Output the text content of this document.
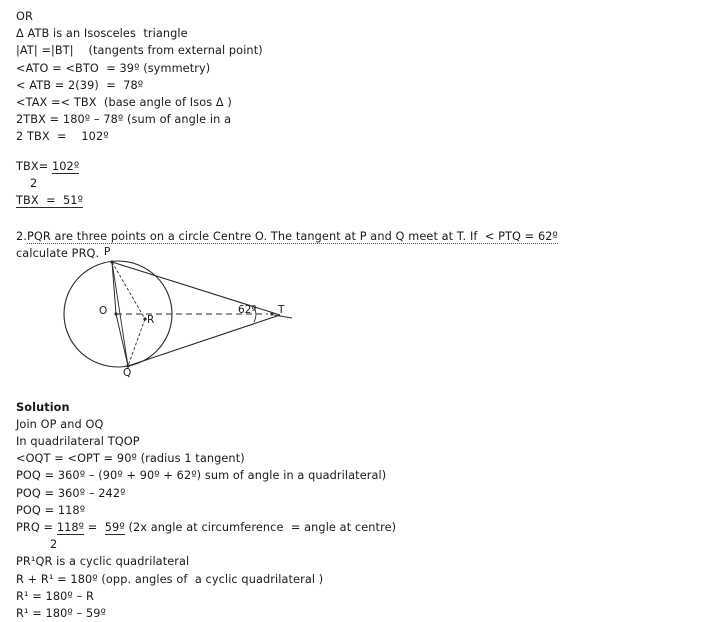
OR
Δ ATB is an Isosceles  triangle
|AT| =|BT|    (tangents from external point)
<ATO = <BTO  = 39º (symmetry)
< ATB = 2(39)  =  78º
<TAX =< TBX  (base angle of Isos Δ )
2TBX = 180º – 78º (sum of angle in a
2 TBX  =    102º
TBX= 102º
2
TBX  =  51º
2.PQR are three points on a circle Centre O. The tangent at P and Q meet at T. If  < PTQ = 62º
calculate PRQ.
Solution
Join OP and OQ
In quadrilateral TQOP
<OQT = <OPT = 90º (radius 1 tangent)
POQ = 360º – (90º + 90º + 62º) sum of angle in a quadrilateral)
POQ = 360º – 242º
POQ = 118º
PRQ = 118º =  59º (2x angle at circumference  = angle at centre)
2
PR¹QR is a cyclic quadrilateral
R + R¹ = 180º (opp. angles of  a cyclic quadrilateral )
R¹ = 180º – R
R¹ = 180º – 59º
P
O
R
Q
T
62º
